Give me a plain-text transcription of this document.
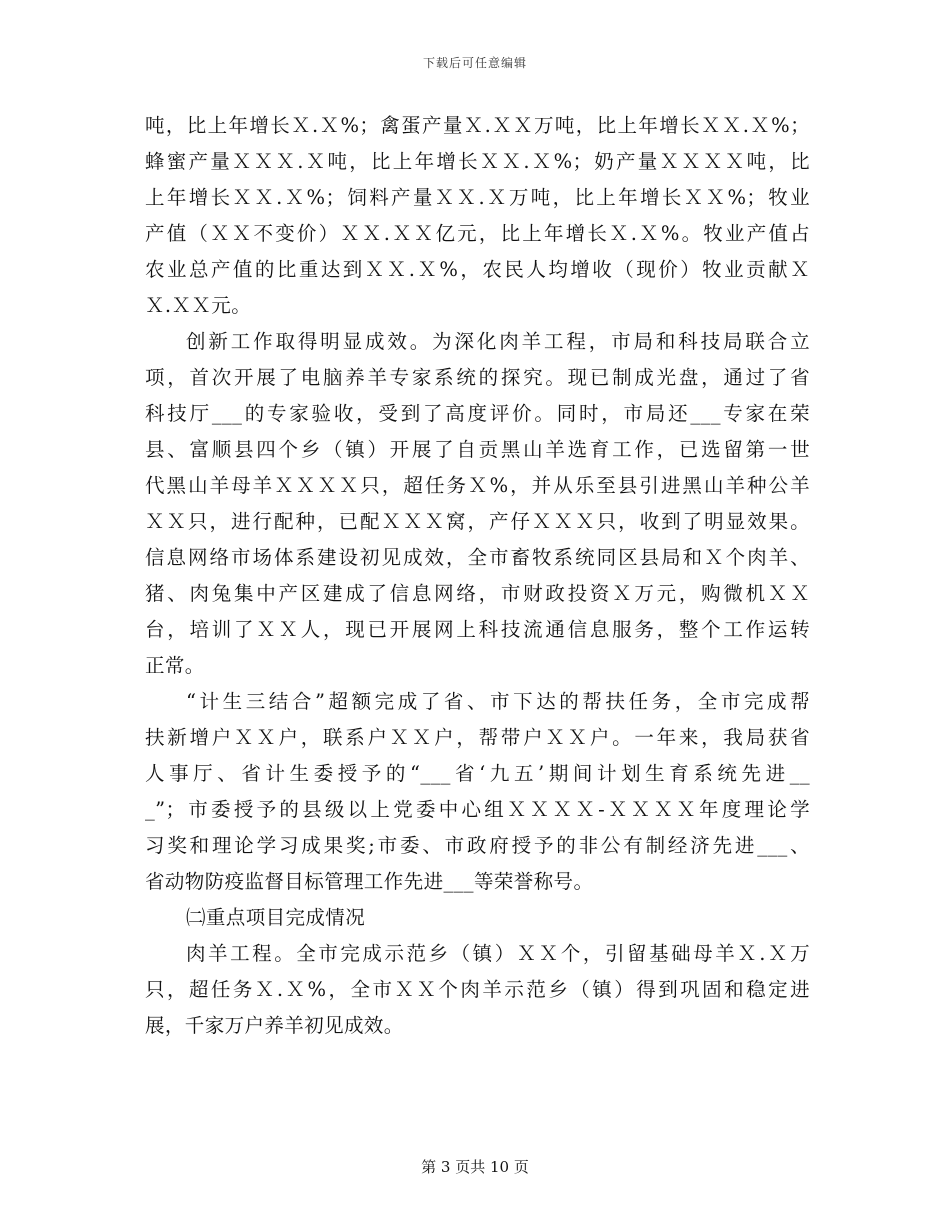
下载后可任意编辑
吨，比上年增长Ｘ.Ｘ%；禽蛋产量Ｘ.ＸＸ万吨，比上年增长ＸＸ.Ｘ%；
蜂蜜产量ＸＸＸ.Ｘ吨，比上年增长ＸＸ.Ｘ%；奶产量ＸＸＸＸ吨，比
上年增长ＸＸ.Ｘ%；饲料产量ＸＸ.Ｘ万吨，比上年增长ＸＸ%；牧业
产值（ＸＸ不变价）ＸＸ.ＸＸ亿元，比上年增长Ｘ.Ｘ%。牧业产值占
农业总产值的比重达到ＸＸ.Ｘ%，农民人均增收（现价）牧业贡献Ｘ
Ｘ.ＸＸ元。
创新工作取得明显成效。为深化肉羊工程，市局和科技局联合立
项，首次开展了电脑养羊专家系统的探究。现已制成光盘，通过了省
科技厅___的专家验收，受到了高度评价。同时，市局还___专家在荣
县、富顺县四个乡（镇）开展了自贡黑山羊选育工作，已选留第一世
代黑山羊母羊ＸＸＸＸ只，超任务Ｘ%，并从乐至县引进黑山羊种公羊
ＸＸ只，进行配种，已配ＸＸＸ窝，产仔ＸＸＸ只，收到了明显效果。
信息网络市场体系建设初见成效，全市畜牧系统同区县局和Ｘ个肉羊、
猪、肉兔集中产区建成了信息网络，市财政投资Ｘ万元，购微机ＸＸ
台，培训了ＸＸ人，现已开展网上科技流通信息服务，整个工作运转
正常。
“计生三结合”超额完成了省、市下达的帮扶任务，全市完成帮
扶新增户ＸＸ户，联系户ＸＸ户，帮带户ＸＸ户。一年来，我局获省
人事厅、省计生委授予的“___省‘九五’期间计划生育系统先进__
_”；市委授予的县级以上党委中心组ＸＸＸＸ-ＸＸＸＸ年度理论学
习奖和理论学习成果奖;市委、市政府授予的非公有制经济先进___、
省动物防疫监督目标管理工作先进___等荣誉称号。
㈡重点项目完成情况
肉羊工程。全市完成示范乡（镇）ＸＸ个，引留基础母羊Ｘ.Ｘ万
只，超任务Ｘ.Ｘ%，全市ＸＸ个肉羊示范乡（镇）得到巩固和稳定进
展，千家万户养羊初见成效。
第 3 页共 10 页
